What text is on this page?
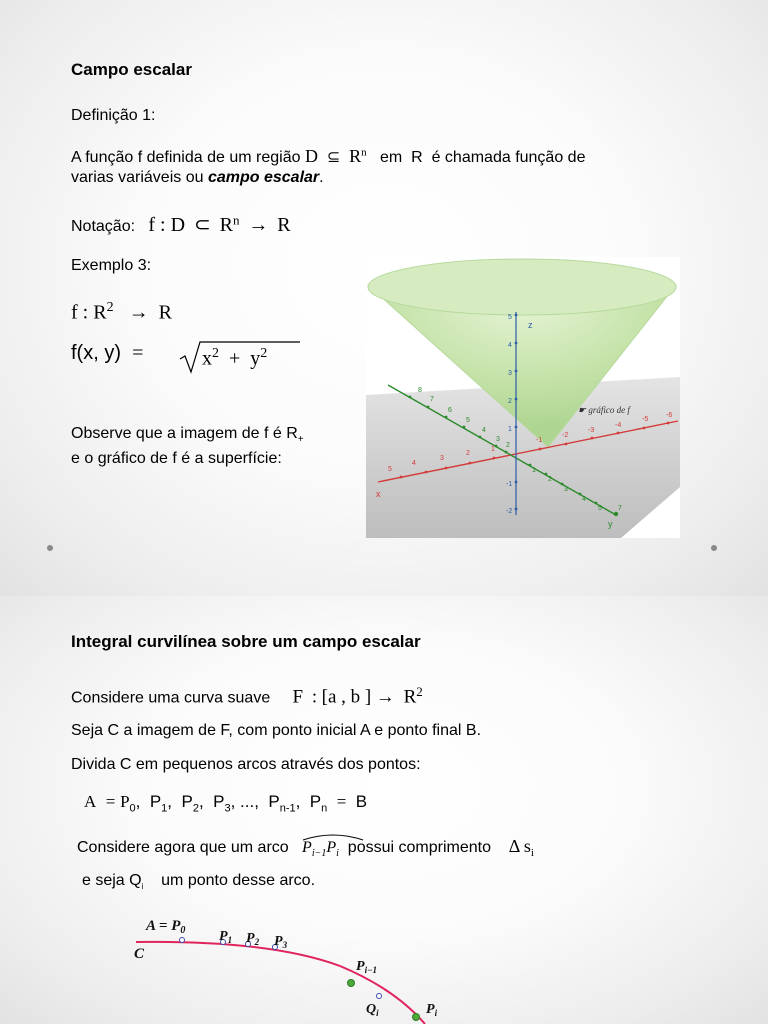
Campo escalar
Definição 1:
A função f definida de um região D ⊆ $R^n$ em R é chamada função de
varias variáveis ou campo escalar.
Notação: f : D ⊂ $R^n \to R$
Exemplo 3:
f : $R^2 \to R$
f(x, y) =	$x^2 + y^2$
Observe que a imagem de f é $R_+$
e o gráfico de f é a superfície:
5
4
3
2
1
-1
-2
-3
-4
-5
-6
8
7
6
5
4
3
2
1
2
3
4
5 7
5
4
3
2
1
-1
-2
z
x
y
☛ gráfico de f
Integral curvilínea sobre um campo escalar
Considere uma curva suave F : [a , b ] → $R^2$
Seja C a imagem de F, com ponto inicial A e ponto final B.
Divida C em pequenos arcos através dos pontos:
$A = P_0$,  $P_1$,  $P_2$,  $P_3$, ..., $P_{n-1}$,  $P_n = B$
Considere agora que um arco $P_{i-1}P_i$ possui comprimento Δ $s_i$
e seja $Q_i$ um ponto desse arco.
$A = P_0$
C
$P_1$ $P_2$ $P_3$
$P_{i-1}$
$Q_i$	$P_i$
